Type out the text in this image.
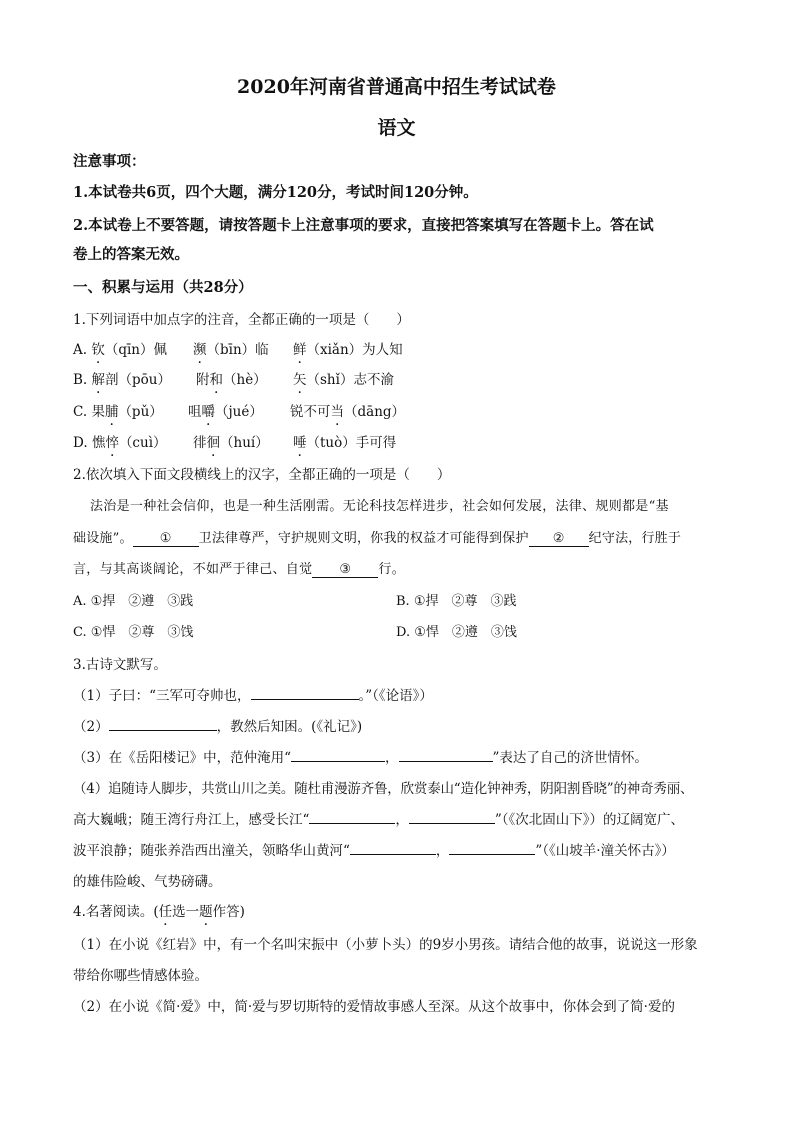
2020年河南省普通高中招生考试试卷
语文
注意事项：
1.本试卷共6页，四个大题，满分120分，考试时间120分钟。
2.本试卷上不要答题，请按答题卡上注意事项的要求，直接把答案填写在答题卡上。答在试
卷上的答案无效。
一、积累与运用（共28分）
1.下列词语中加点字的注音，全都正确的一项是（　　）
A. 钦（qīn）佩 濒（bīn）临 鲜（xiǎn）为人知
B. 解剖（pōu） 附和（hè） 矢（shǐ）志不渝
C. 果脯（pǔ） 咀嚼（jué） 锐不可当（dāng）
D. 憔悴（cuì） 徘徊（huí） 唾（tuò）手可得
2.依次填入下面文段横线上的汉字，全都正确的一项是（　　）
法治是一种社会信仰，也是一种生活刚需。无论科技怎样进步，社会如何发展，法律、规则都是“基
础设施”。 ① 卫法律尊严，守护规则文明，你我的权益才可能得到保护 ② 纪守法，行胜于
言，与其高谈阔论，不如严于律己、自觉 ③ 行。
A. ①捍　②遵　③践	B. ①捍　②尊　③践
C. ①悍　②尊　③饯	D. ①悍　②遵　③饯
3.古诗文默写。
（1）子曰：“三军可夺帅也，	。”（《论语》）
（2）	，教然后知困。(《礼记》)
（3）在《岳阳楼记》中，范仲淹用“	，	”表达了自己的济世情怀。
（4）追随诗人脚步，共赏山川之美。随杜甫漫游齐鲁，欣赏泰山“造化钟神秀，阴阳割昏晓”的神奇秀丽、
高大巍峨；随王湾行舟江上，感受长江“	，	”（《次北固山下》）的辽阔宽广、
波平浪静；随张养浩西出潼关，领略华山黄河“	，	”（《山坡羊·潼关怀古》）
的雄伟险峻、气势磅礴。
4.名著阅读。(任选一题作答)
（1）在小说《红岩》中，有一个名叫宋振中（小萝卜头）的9岁小男孩。请结合他的故事，说说这一形象
带给你哪些情感体验。
（2）在小说《简·爱》中，简·爱与罗切斯特的爱情故事感人至深。从这个故事中，你体会到了简·爱的
